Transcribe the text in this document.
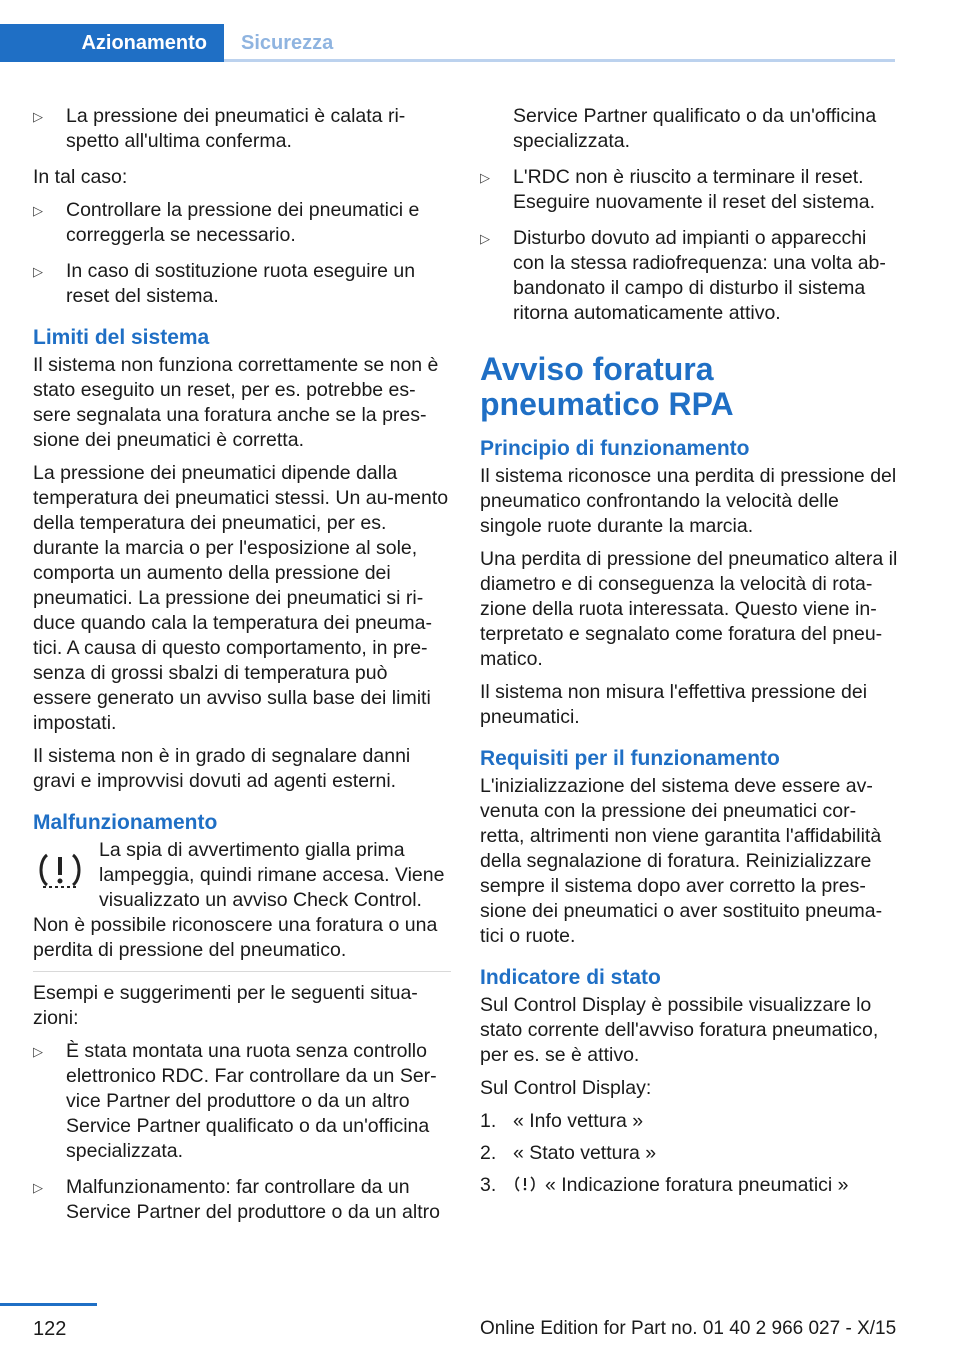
Azionamento	Sicurezza
▷ La pressione dei pneumatici è calata ri- spetto all'ultima conferma.

In tal caso:

▷ Controllare la pressione dei pneumatici e correggerla se necessario.
▷ In caso di sostituzione ruota eseguire un reset del sistema.
Limiti del sistema

Il sistema non funziona correttamente se non è stato eseguito un reset, per es. potrebbe es-sere segnalata una foratura anche se la pres-sione dei pneumatici è corretta.

La pressione dei pneumatici dipende dalla temperatura dei pneumatici stessi. Un au-mento della temperatura dei pneumatici, per es. durante la marcia o per l'esposizione al sole, comporta un aumento della pressione dei pneumatici. La pressione dei pneumatici si ri-duce quando cala la temperatura dei pneuma-tici. A causa di questo comportamento, in pre-senza di grossi sbalzi di temperatura può essere generato un avviso sulla base dei limiti impostati.

Il sistema non è in grado di segnalare danni gravi e improvvisi dovuti ad agenti esterni.

Malfunzionamento
La spia di avvertimento gialla prima lampeggia, quindi rimane accesa. Viene visualizzato un avviso Check Control.

Non è possibile riconoscere una foratura o una perdita di pressione del pneumatico.

Esempi e suggerimenti per le seguenti situa-zioni:

▷ È stata montata una ruota senza controllo elettronico RDC. Far controllare da un Ser-vice Partner del produttore o da un altro Service Partner qualificato o da un'officina specializzata.
▷ Malfunzionamento: far controllare da un Service Partner del produttore o da un altro
Service Partner qualificato o da un'officina specializzata.
▷ L'RDC non è riuscito a terminare il reset. Eseguire nuovamente il reset del sistema.
▷ Disturbo dovuto ad impianti o apparecchi con la stessa radiofrequenza: una volta ab-bandonato il campo di disturbo il sistema ritorna automaticamente attivo.
Avviso foratura pneumatico RPA
Principio di funzionamento

Il sistema riconosce una perdita di pressione del pneumatico confrontando la velocità delle singole ruote durante la marcia.

Una perdita di pressione del pneumatico altera il diametro e di conseguenza la velocità di rota-zione della ruota interessata. Questo viene in-terpretato e segnalato come foratura del pneu-matico.

Il sistema non misura l'effettiva pressione dei pneumatici.

Requisiti per il funzionamento

L'inizializzazione del sistema deve essere av-venuta con la pressione dei pneumatici cor-retta, altrimenti non viene garantita l'affidabilità della segnalazione di foratura. Reinizializzare sempre il sistema dopo aver corretto la pres-sione dei pneumatici o aver sostituito pneuma-tici o ruote.

Indicatore di stato

Sul Control Display è possibile visualizzare lo stato corrente dell'avviso foratura pneumatico, per es. se è attivo.

Sul Control Display:

1. « Info vettura »
2. « Stato vettura »
3. « Indicazione foratura pneumatici »
122	Online Edition for Part no. 01 40 2 966 027 - X/15
